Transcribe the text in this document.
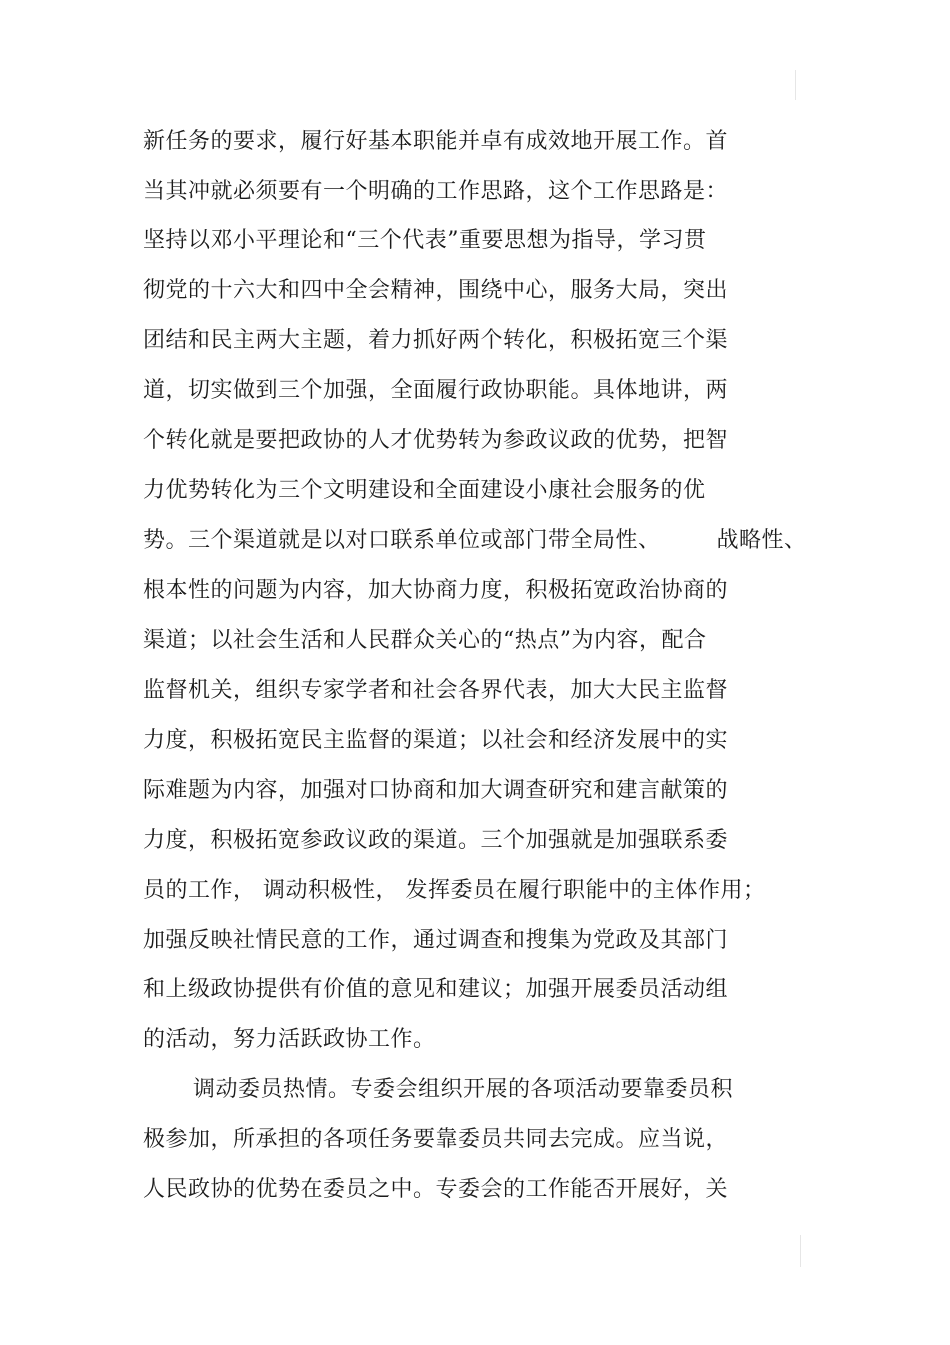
新任务的要求，履行好基本职能并卓有成效地开展工作。首
当其冲就必须要有一个明确的工作思路，这个工作思路是：
坚持以邓小平理论和“三个代表”重要思想为指导，学习贯
彻党的十六大和四中全会精神，围绕中心，服务大局，突出
团结和民主两大主题，着力抓好两个转化，积极拓宽三个渠
道，切实做到三个加强，全面履行政协职能。具体地讲，两
个转化就是要把政协的人才优势转为参政议政的优势，把智
力优势转化为三个文明建设和全面建设小康社会服务的优
势。三个渠道就是以对口联系单位或部门带全局性、	战略性、
根本性的问题为内容，加大协商力度，积极拓宽政治协商的
渠道；以社会生活和人民群众关心的“热点”为内容，配合
监督机关，组织专家学者和社会各界代表，加大大民主监督
力度，积极拓宽民主监督的渠道；以社会和经济发展中的实
际难题为内容，加强对口协商和加大调查研究和建言献策的
力度，积极拓宽参政议政的渠道。三个加强就是加强联系委
员的工作， 调动积极性， 发挥委员在履行职能中的主体作用；
加强反映社情民意的工作，通过调查和搜集为党政及其部门
和上级政协提供有价值的意见和建议；加强开展委员活动组
的活动，努力活跃政协工作。
调动委员热情。专委会组织开展的各项活动要靠委员积
极参加，所承担的各项任务要靠委员共同去完成。应当说，
人民政协的优势在委员之中。专委会的工作能否开展好，关
